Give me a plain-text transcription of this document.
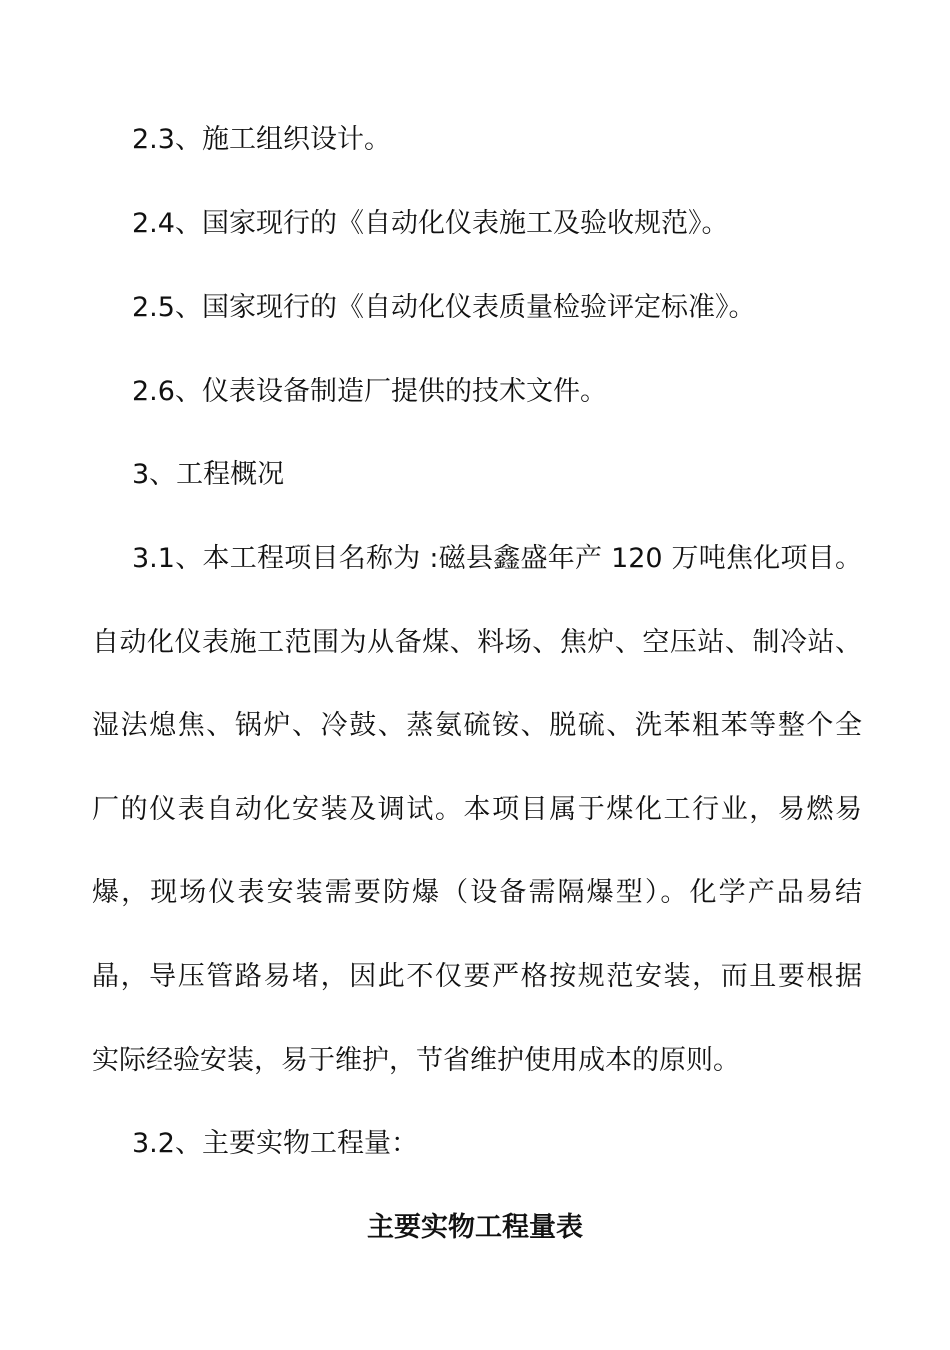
2.3、施工组织设计。
2.4、国家现行的《自动化仪表施工及验收规范》。
2.5、国家现行的《自动化仪表质量检验评定标准》。
2.6、仪表设备制造厂提供的技术文件。
3、工程概况
3.1、本工程项目名称为 :磁县鑫盛年产 120 万吨焦化项目。
自动化仪表施工范围为从备煤、料场、焦炉、空压站、制冷站、
湿法熄焦、锅炉、冷鼓、蒸氨硫铵、脱硫、洗苯粗苯等整个全
厂的仪表自动化安装及调试。本项目属于煤化工行业，易燃易
爆，现场仪表安装需要防爆（设备需隔爆型）。化学产品易结
晶，导压管路易堵，因此不仅要严格按规范安装，而且要根据
实际经验安装，易于维护，节省维护使用成本的原则。
3.2、主要实物工程量：
主要实物工程量表
